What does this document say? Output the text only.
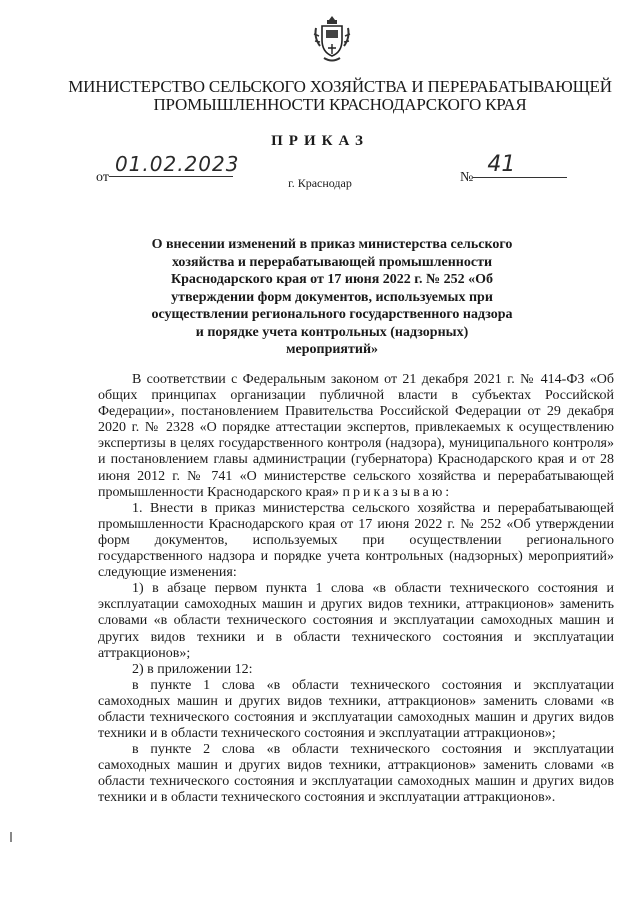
МИНИСТЕРСТВО СЕЛЬСКОГО ХОЗЯЙСТВА И ПЕРЕРАБАТЫВАЮЩЕЙ
ПРОМЫШЛЕННОСТИ КРАСНОДАРСКОГО КРАЯ
ПРИКАЗ
от01.02.2023
№41
г. Краснодар
О внесении изменений в приказ министерства сельского хозяйства и перерабатывающей промышленности Краснодарского края от 17 июня 2022 г. № 252 «Об утверждении форм документов, используемых при осуществлении регионального государственного надзора и порядке учета контрольных (надзорных) мероприятий»

В соответствии с Федеральным законом от 21 декабря 2021 г. № 414-ФЗ «Об общих принципах организации публичной власти в субъектах Российской Федерации», постановлением Правительства Российской Федерации от 29 декабря 2020 г. № 2328 «О порядке аттестации экспертов, привлекаемых к осуществлению экспертизы в целях государственного контроля (надзора), муниципального контроля» и постановлением главы администрации (губернатора) Краснодарского края и от 28 июня 2012 г. № 741 «О министерстве сельского хозяйства и перерабатывающей промышленности Краснодарского края» приказываю:

1. Внести в приказ министерства сельского хозяйства и перерабатывающей промышленности Краснодарского края от 17 июня 2022 г. № 252 «Об утверждении форм документов, используемых при осуществлении регионального государственного надзора и порядке учета контрольных (надзорных) мероприятий» следующие изменения:

1) в абзаце первом пункта 1 слова «в области технического состояния и эксплуатации самоходных машин и других видов техники, аттракционов» заменить словами «в области технического состояния и эксплуатации самоходных машин и других видов техники и в области технического состояния и эксплуатации аттракционов»;

2) в приложении 12:

в пункте 1 слова «в области технического состояния и эксплуатации самоходных машин и других видов техники, аттракционов» заменить словами «в области технического состояния и эксплуатации самоходных машин и других видов техники и в области технического состояния и эксплуатации аттракционов»;

в пункте 2 слова «в области технического состояния и эксплуатации самоходных машин и других видов техники, аттракционов» заменить словами «в области технического состояния и эксплуатации самоходных машин и других видов техники и в области технического состояния и эксплуатации аттракционов».
